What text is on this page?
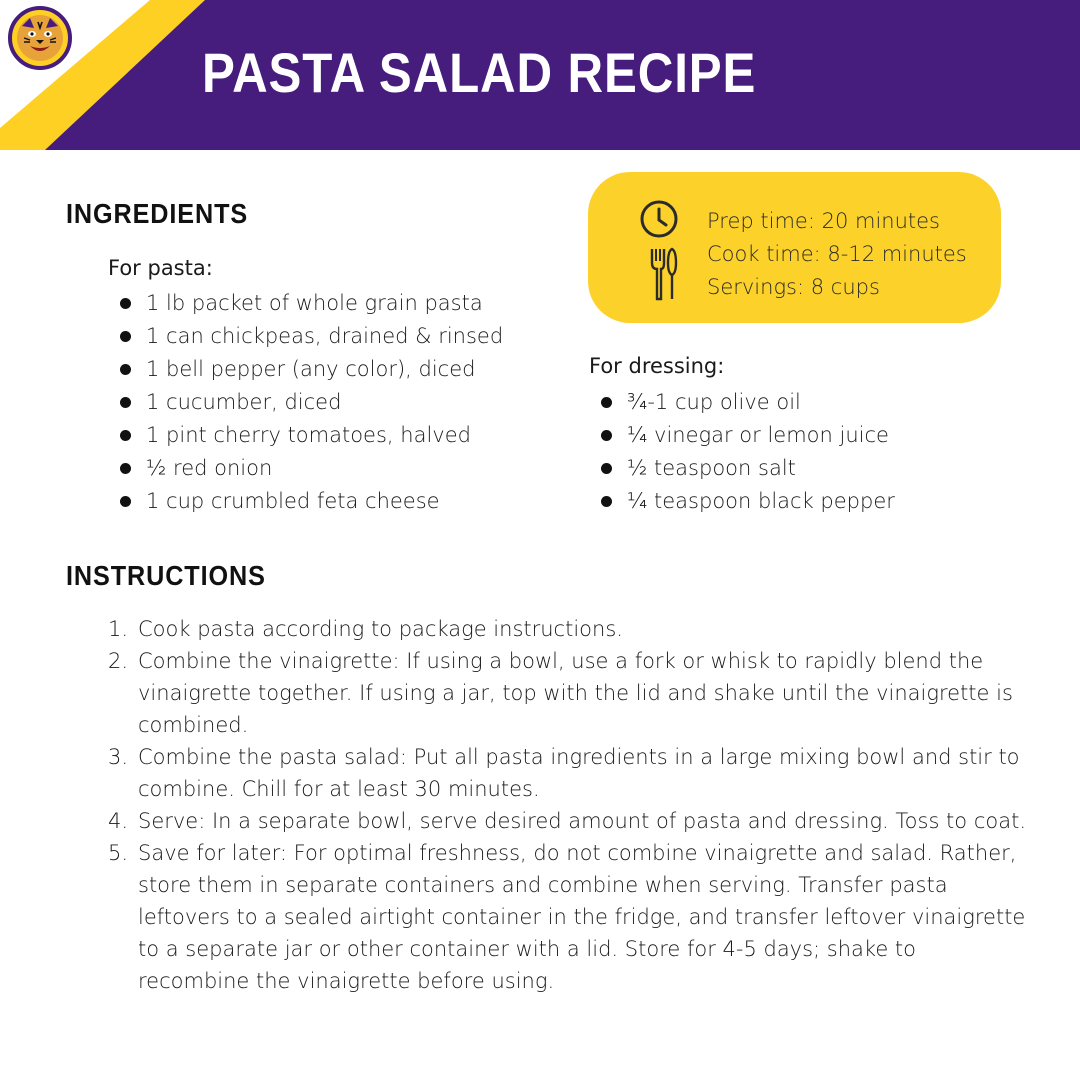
PASTA SALAD RECIPE
INGREDIENTS
For pasta:
1 lb packet of whole grain pasta
1 can chickpeas, drained & rinsed
1 bell pepper (any color), diced
1 cucumber, diced
1 pint cherry tomatoes, halved
½ red onion
1 cup crumbled feta cheese
Prep time: 20 minutes
Cook time: 8-12 minutes
Servings: 8 cups
For dressing:
¾-1 cup olive oil
¼ vinegar or lemon juice
½ teaspoon salt
¼ teaspoon black pepper
INSTRUCTIONS
1. Cook pasta according to package instructions.
2. Combine the vinaigrette: If using a bowl, use a fork or whisk to rapidly blend the vinaigrette together. If using a jar, top with the lid and shake until the vinaigrette is combined.
3. Combine the pasta salad: Put all pasta ingredients in a large mixing bowl and stir to combine. Chill for at least 30 minutes.
4. Serve: In a separate bowl, serve desired amount of pasta and dressing. Toss to coat.
5. Save for later: For optimal freshness, do not combine vinaigrette and salad. Rather, store them in separate containers and combine when serving. Transfer pasta leftovers to a sealed airtight container in the fridge, and transfer leftover vinaigrette to a separate jar or other container with a lid. Store for 4-5 days; shake to recombine the vinaigrette before using.
